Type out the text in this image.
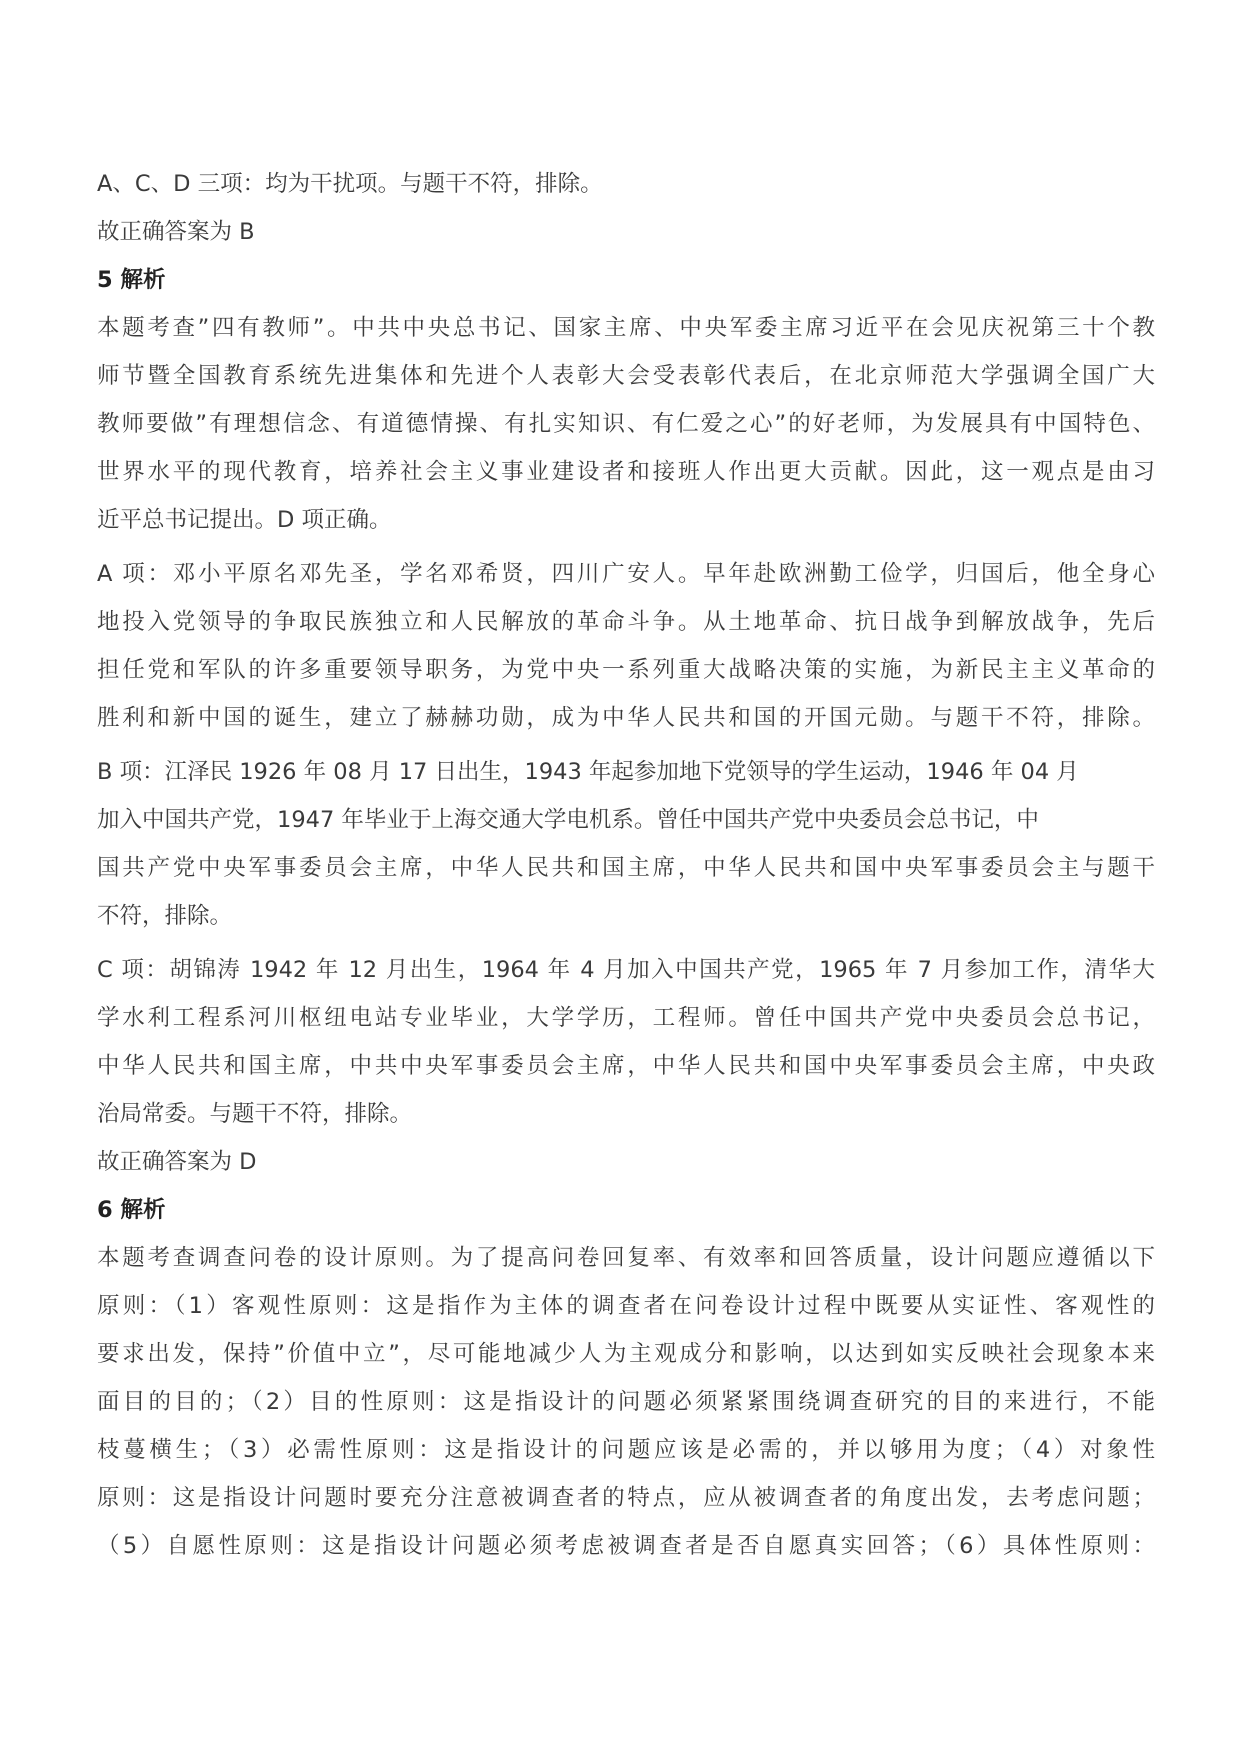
A、C、D 三项：均为干扰项。与题干不符，排除。
故正确答案为 B
5 解析
本题考查”四有教师”。中共中央总书记、国家主席、中央军委主席习近平在会见庆祝第三十个教
师节暨全国教育系统先进集体和先进个人表彰大会受表彰代表后，在北京师范大学强调全国广大
教师要做”有理想信念、有道德情操、有扎实知识、有仁爱之心”的好老师，为发展具有中国特色、
世界水平的现代教育，培养社会主义事业建设者和接班人作出更大贡献。因此，这一观点是由习
近平总书记提出。D 项正确。
A 项：邓小平原名邓先圣，学名邓希贤，四川广安人。早年赴欧洲勤工俭学，归国后，他全身心
地投入党领导的争取民族独立和人民解放的革命斗争。从土地革命、抗日战争到解放战争，先后
担任党和军队的许多重要领导职务，为党中央一系列重大战略决策的实施，为新民主主义革命的
胜利和新中国的诞生，建立了赫赫功勋，成为中华人民共和国的开国元勋。与题干不符，排除。
B 项：江泽民 1926 年 08 月 17 日出生，1943 年起参加地下党领导的学生运动，1946 年 04 月
加入中国共产党，1947 年毕业于上海交通大学电机系。曾任中国共产党中央委员会总书记，中
国共产党中央军事委员会主席，中华人民共和国主席，中华人民共和国中央军事委员会主与题干
不符，排除。
C 项：胡锦涛 1942 年 12 月出生，1964 年 4 月加入中国共产党，1965 年 7 月参加工作，清华大
学水利工程系河川枢纽电站专业毕业，大学学历，工程师。曾任中国共产党中央委员会总书记，
中华人民共和国主席，中共中央军事委员会主席，中华人民共和国中央军事委员会主席，中央政
治局常委。与题干不符，排除。
故正确答案为 D
6 解析
本题考查调查问卷的设计原则。为了提高问卷回复率、有效率和回答质量，设计问题应遵循以下
原则：（1）客观性原则：这是指作为主体的调查者在问卷设计过程中既要从实证性、客观性的
要求出发，保持”价值中立”，尽可能地减少人为主观成分和影响，以达到如实反映社会现象本来
面目的目的；（2）目的性原则：这是指设计的问题必须紧紧围绕调查研究的目的来进行，不能
枝蔓横生；（3）必需性原则：这是指设计的问题应该是必需的，并以够用为度；（4）对象性
原则：这是指设计问题时要充分注意被调查者的特点，应从被调查者的角度出发，去考虑问题；
（5）自愿性原则：这是指设计问题必须考虑被调查者是否自愿真实回答；（6）具体性原则：
